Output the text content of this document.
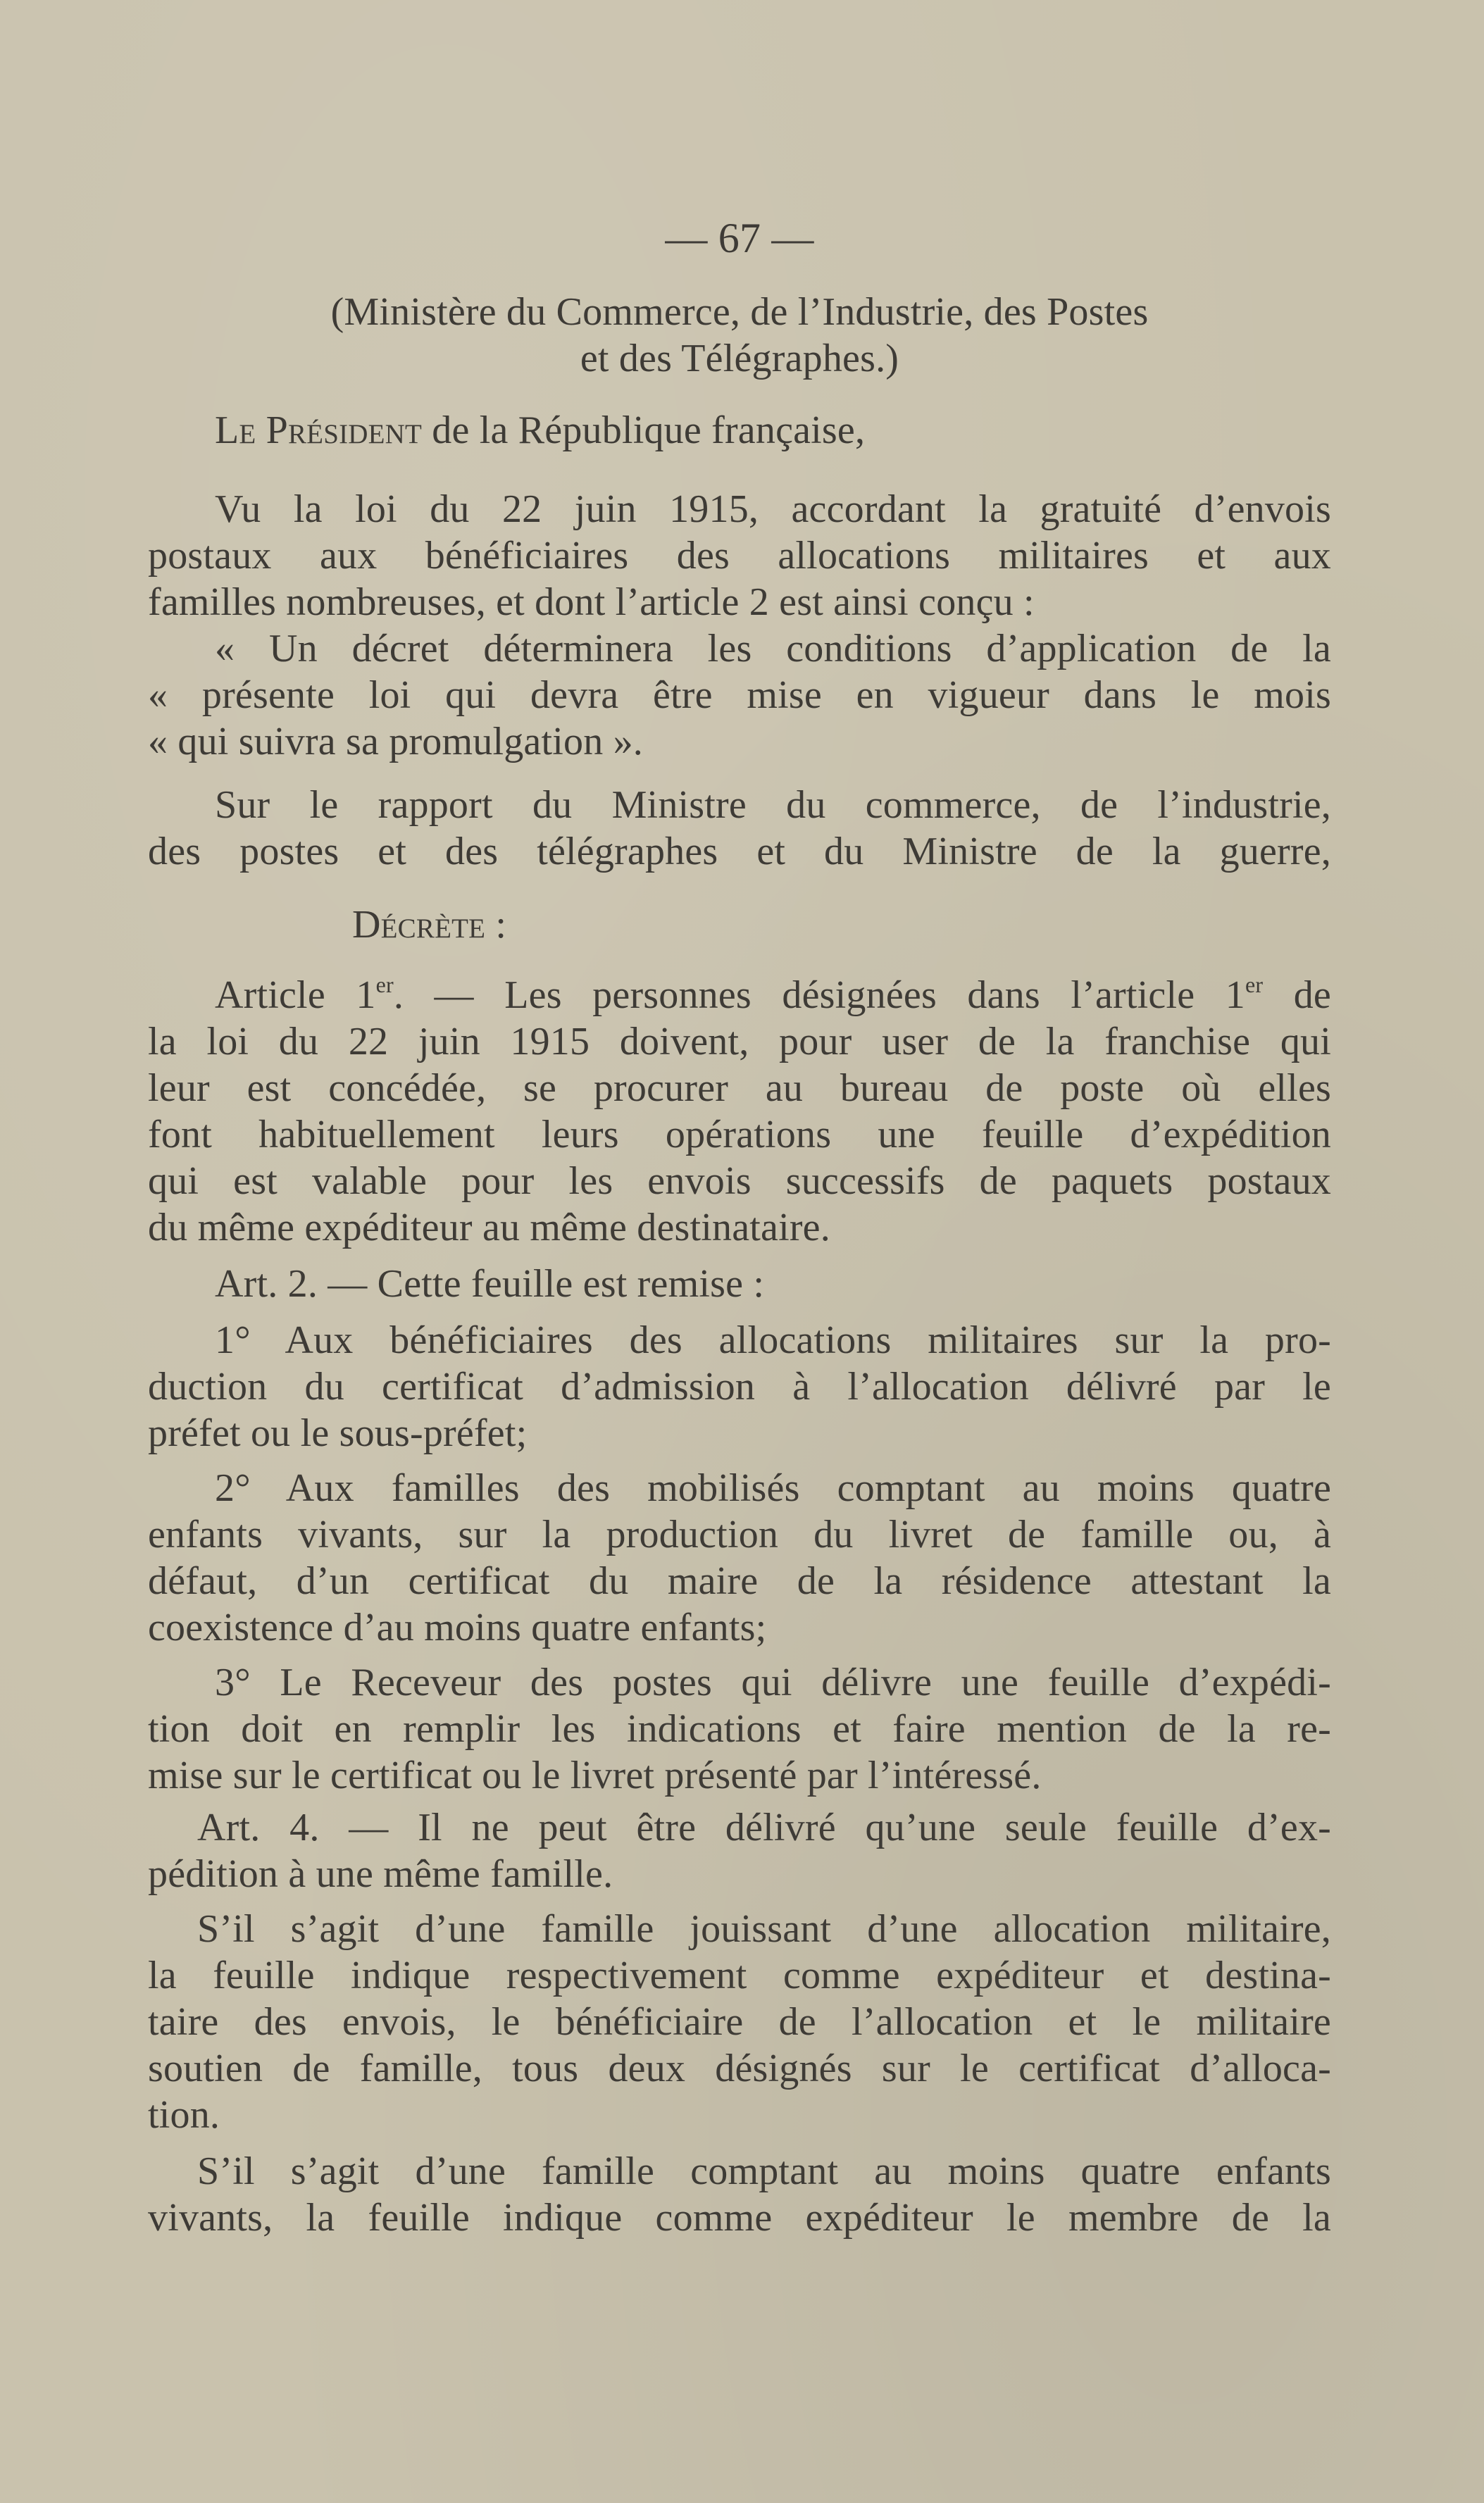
— 67 —
(Ministère du Commerce, de l’Industrie, des Postes
et des Télégraphes.)
Le Président de la République française,
Vu la loi du 22 juin 1915, accordant la gratuité d’envois
postaux aux bénéficiaires des allocations militaires et aux
familles nombreuses, et dont l’article 2 est ainsi conçu :
« Un décret déterminera les conditions d’application de la
« présente loi qui devra être mise en vigueur dans le mois
« qui suivra sa promulgation ».
Sur le rapport du Ministre du commerce, de l’industrie,
des postes et des télégraphes et du Ministre de la guerre,
Décrète :
Article 1er. — Les personnes désignées dans l’article 1er de
la loi du 22 juin 1915 doivent, pour user de la franchise qui
leur est concédée, se procurer au bureau de poste où elles
font habituellement leurs opérations une feuille d’expédition
qui est valable pour les envois successifs de paquets postaux
du même expéditeur au même destinataire.
Art. 2. — Cette feuille est remise :
1° Aux bénéficiaires des allocations militaires sur la pro-
duction du certificat d’admission à l’allocation délivré par le
préfet ou le sous-préfet;
2° Aux familles des mobilisés comptant au moins quatre
enfants vivants, sur la production du livret de famille ou, à
défaut, d’un certificat du maire de la résidence attestant la
coexistence d’au moins quatre enfants;
3° Le Receveur des postes qui délivre une feuille d’expédi-
tion doit en remplir les indications et faire mention de la re-
mise sur le certificat ou le livret présenté par l’intéressé.
Art. 4. — Il ne peut être délivré qu’une seule feuille d’ex-
pédition à une même famille.
S’il s’agit d’une famille jouissant d’une allocation militaire,
la feuille indique respectivement comme expéditeur et destina-
taire des envois, le bénéficiaire de l’allocation et le militaire
soutien de famille, tous deux désignés sur le certificat d’alloca-
tion.
S’il s’agit d’une famille comptant au moins quatre enfants
vivants, la feuille indique comme expéditeur le membre de la
